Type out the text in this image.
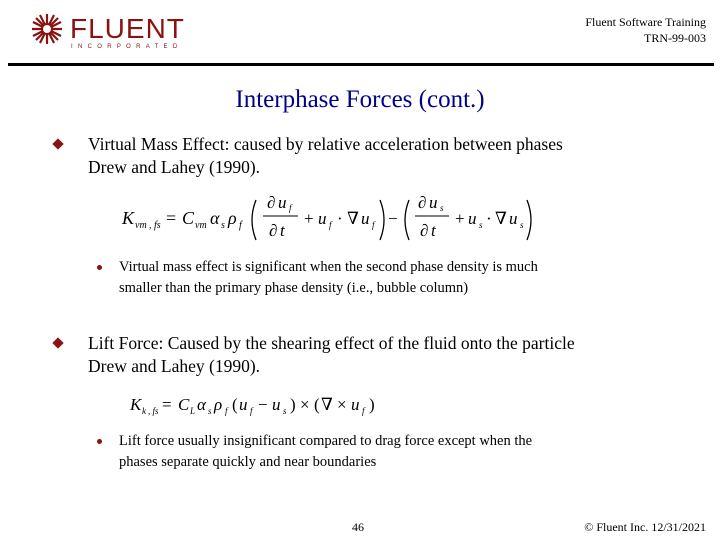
FLUENT
INCORPORATED
Fluent Software Training
TRN-99-003
Interphase Forces (cont.)
Virtual Mass Effect: caused by relative acceleration between phases
Drew and Lahey (1990).
K vm , fs = C vm α s ρ f
∂ u f
∂ t
+ u f · ∇ u f −
∂ u s
∂ t
+ u s · ∇ u s
Virtual mass effect is significant when the second phase density is much
smaller than the primary phase density (i.e., bubble column)
Lift Force: Caused by the shearing effect of the fluid onto the particle
Drew and Lahey (1990).
K k , fs = C L α s ρ f ( u f − u s ) × ( ∇ × u f )
Lift force usually insignificant compared to drag force except when the
phases separate quickly and near boundaries
46	© Fluent Inc. 12/31/2021
